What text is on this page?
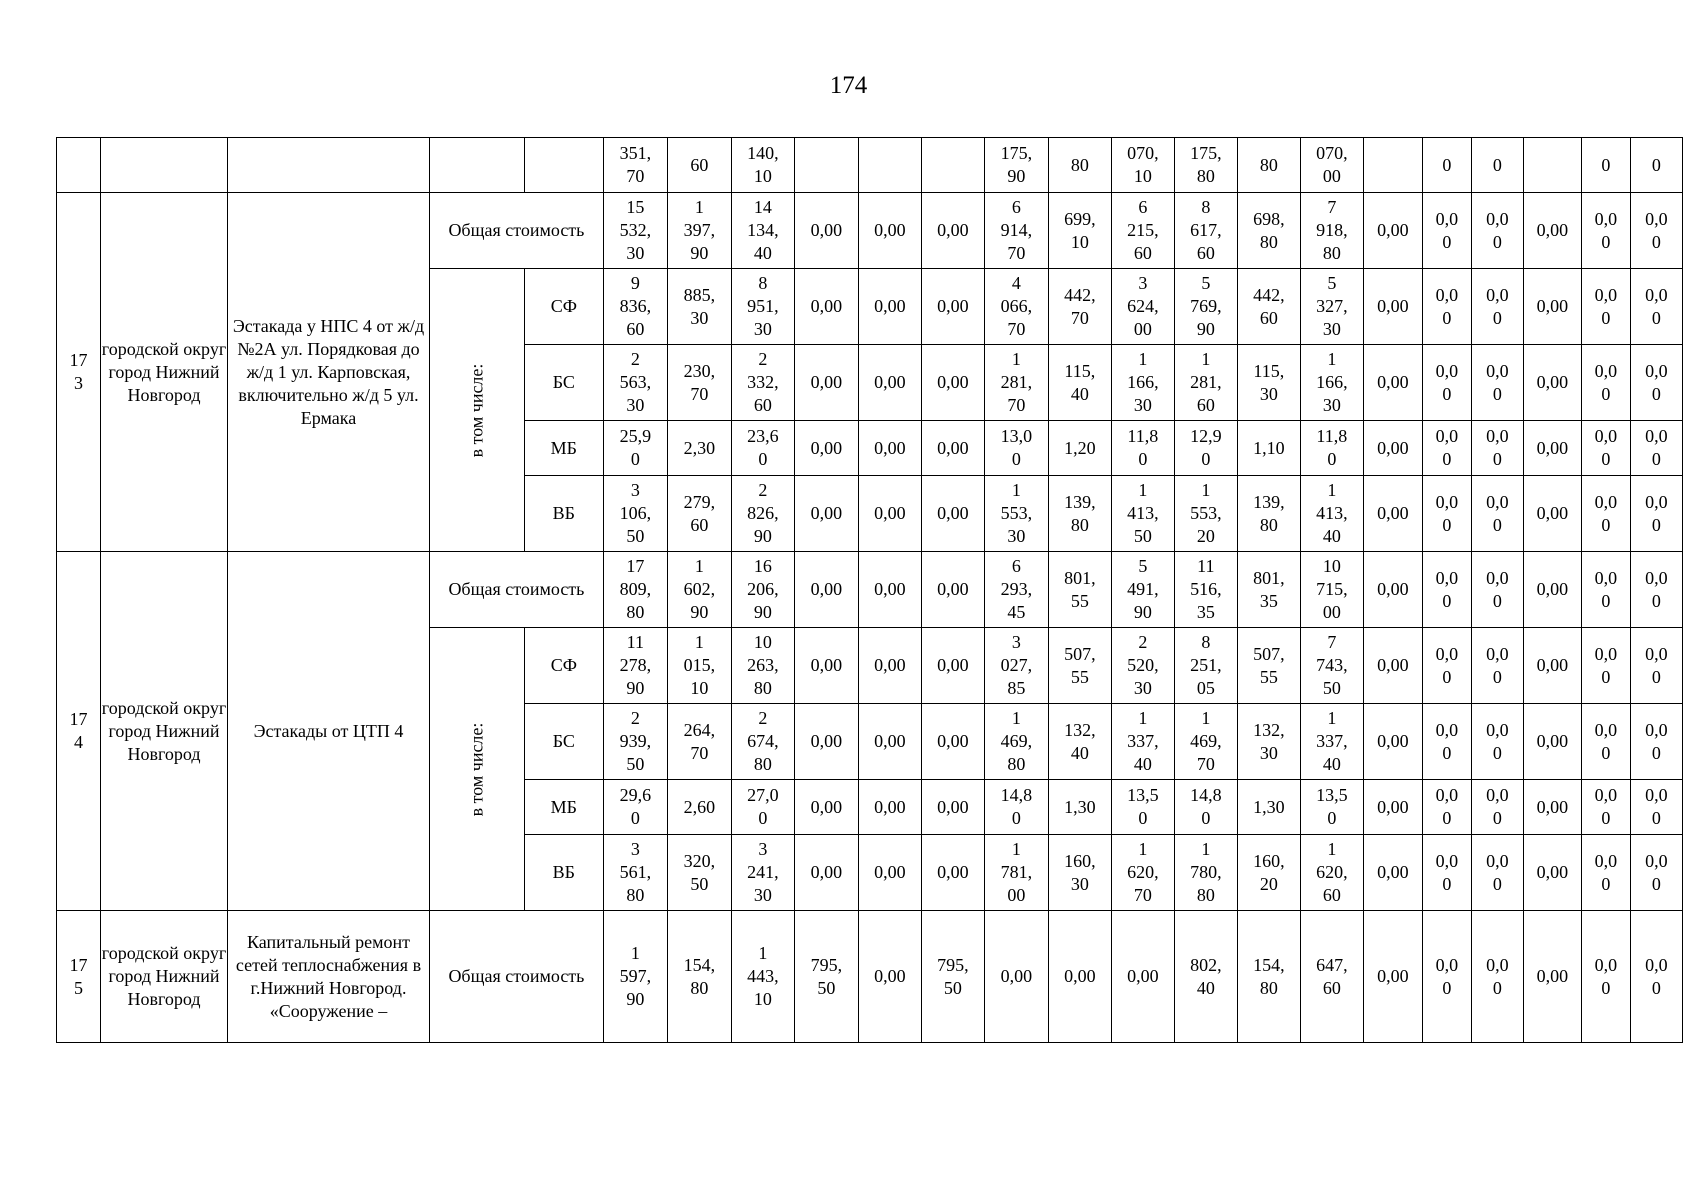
174
					351,
70	60	140,
10				175,
90	80	070,
10	175,
80	80	070,
00		0	0		0	0
17
3	городской округ город Нижний Новгород	Эстакада у НПС 4 от ж/д №2А ул. Порядковая до ж/д 1 ул. Карповская, включительно ж/д 5 ул. Ермака	Общая стоимость		15
532,
30	1
397,
90	14
134,
40	0,00	0,00	0,00	6
914,
70	699,
10	6
215,
60	8
617,
60	698,
80	7
918,
80	0,00	0,0
0	0,0
0	0,00	0,0
0	0,0
0
			в том числе:	СФ	9
836,
60	885,
30	8
951,
30	0,00	0,00	0,00	4
066,
70	442,
70	3
624,
00	5
769,
90	442,
60	5
327,
30	0,00	0,0
0	0,0
0	0,00	0,0
0	0,0
0
				БС	2
563,
30	230,
70	2
332,
60	0,00	0,00	0,00	1
281,
70	115,
40	1
166,
30	1
281,
60	115,
30	1
166,
30	0,00	0,0
0	0,0
0	0,00	0,0
0	0,0
0
				МБ	25,9
0	2,30	23,6
0	0,00	0,00	0,00	13,0
0	1,20	11,8
0	12,9
0	1,10	11,8
0	0,00	0,0
0	0,0
0	0,00	0,0
0	0,0
0
				ВБ	3
106,
50	279,
60	2
826,
90	0,00	0,00	0,00	1
553,
30	139,
80	1
413,
50	1
553,
20	139,
80	1
413,
40	0,00	0,0
0	0,0
0	0,00	0,0
0	0,0
0
17
4	городской округ город Нижний Новгород	Эстакады от ЦТП 4	Общая стоимость		17
809,
80	1
602,
90	16
206,
90	0,00	0,00	0,00	6
293,
45	801,
55	5
491,
90	11
516,
35	801,
35	10
715,
00	0,00	0,0
0	0,0
0	0,00	0,0
0	0,0
0
			в том числе:	СФ	11
278,
90	1
015,
10	10
263,
80	0,00	0,00	0,00	3
027,
85	507,
55	2
520,
30	8
251,
05	507,
55	7
743,
50	0,00	0,0
0	0,0
0	0,00	0,0
0	0,0
0
				БС	2
939,
50	264,
70	2
674,
80	0,00	0,00	0,00	1
469,
80	132,
40	1
337,
40	1
469,
70	132,
30	1
337,
40	0,00	0,0
0	0,0
0	0,00	0,0
0	0,0
0
				МБ	29,6
0	2,60	27,0
0	0,00	0,00	0,00	14,8
0	1,30	13,5
0	14,8
0	1,30	13,5
0	0,00	0,0
0	0,0
0	0,00	0,0
0	0,0
0
				ВБ	3
561,
80	320,
50	3
241,
30	0,00	0,00	0,00	1
781,
00	160,
30	1
620,
70	1
780,
80	160,
20	1
620,
60	0,00	0,0
0	0,0
0	0,00	0,0
0	0,0
0
17
5	городской округ город Нижний Новгород	Капитальный ремонт сетей теплоснабжения в г.Нижний Новгород. «Сооружение –	Общая стоимость		1
597,
90	154,
80	1
443,
10	795,
50	0,00	795,
50	0,00	0,00	0,00	802,
40	154,
80	647,
60	0,00	0,0
0	0,0
0	0,00	0,0
0	0,0
0
